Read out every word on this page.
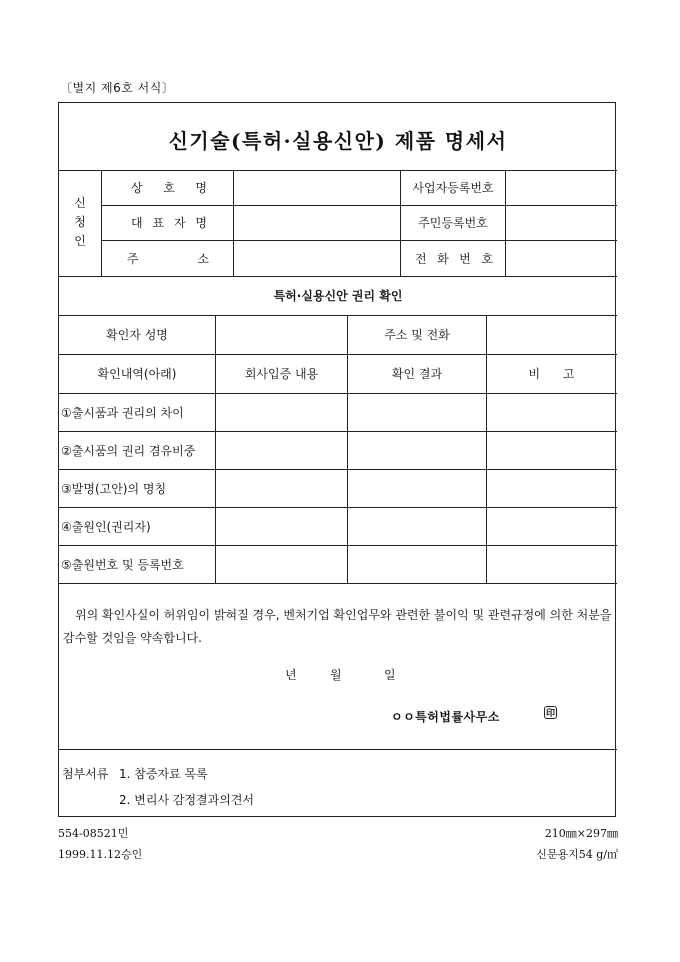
〔별지 제6호 서식〕
신기술(특허·실용신안) 제품 명세서
신
청
인
상 호 명	사업자등록번호
대 표 자 명	주민등록번호
주	소	전 화 번 호
특허·실용신안 권리 확인
확인자 성명	주소 및 전화
확인내역(아래)	회사입증 내용	확인 결과	비      고
①출시품과 권리의 차이
②출시품의 권리 겸유비중
③발명(고안)의 명칭
④출원인(권리자)
⑤출원번호 및 등록번호
위의 확인사실이 허위임이 밝혀질 경우, 벤처기업 확인업무와 관련한 불이익 및 관련규정에 의한 처분을 감수할 것임을 약속합니다.
년	월	일
ㅇㅇ특허법률사무소	印
첨부서류 1. 참증자료 목록
2. 변리사 감정결과의견서
554-08521민
1999.11.12승인
210㎜×297㎜
신문용지54 g/㎡
